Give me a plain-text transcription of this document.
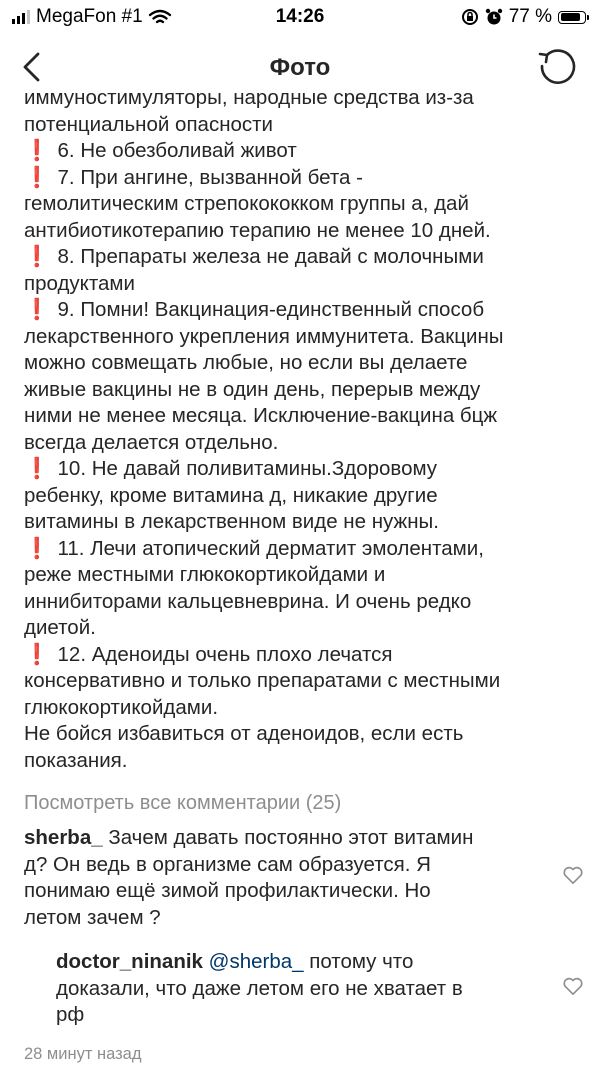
MegaFon #1	14:26	77 %
Фото

иммуностимуляторы, народные средства из-за

потенциальной опасности

❗ 6. Не обезболивай живот

❗ 7. При ангине, вызванной бета -
гемолитическим стрепокококком группы а, дай
антибиотикотерапию терапию не менее 10 дней.

❗ 8. Препараты железа не давай с молочными
продуктами

❗ 9. Помни! Вакцинация-единственный способ
лекарственного укрепления иммунитета. Вакцины
можно совмещать любые, но если вы делаете
живые вакцины не в один день, перерыв между
ними не менее месяца. Исключение-вакцина бцж
всегда делается отдельно.

❗ 10. Не давай поливитамины.Здоровому
ребенку, кроме витамина д, никакие другие
витамины в лекарственном виде не нужны.

❗ 11. Лечи атопический дерматит эмолентами,
реже местными глюкокортикойдами и
иннибиторами кальцевневрина. И очень редко
диетой.

❗ 12. Аденоиды очень плохо лечатся
консервативно и только препаратами с местными
глюкокортикойдами.

Не бойся избавиться от аденоидов, если есть
показания.

Посмотреть все комментарии (25)
sherba_ Зачем давать постоянно этот витамин
д? Он ведь в организме сам образуется. Я
понимаю ещё зимой профилактически. Но
летом зачем ?
doctor_ninanik @sherba_ потому что
доказали, что даже летом его не хватает в
рф
28 минут назад
